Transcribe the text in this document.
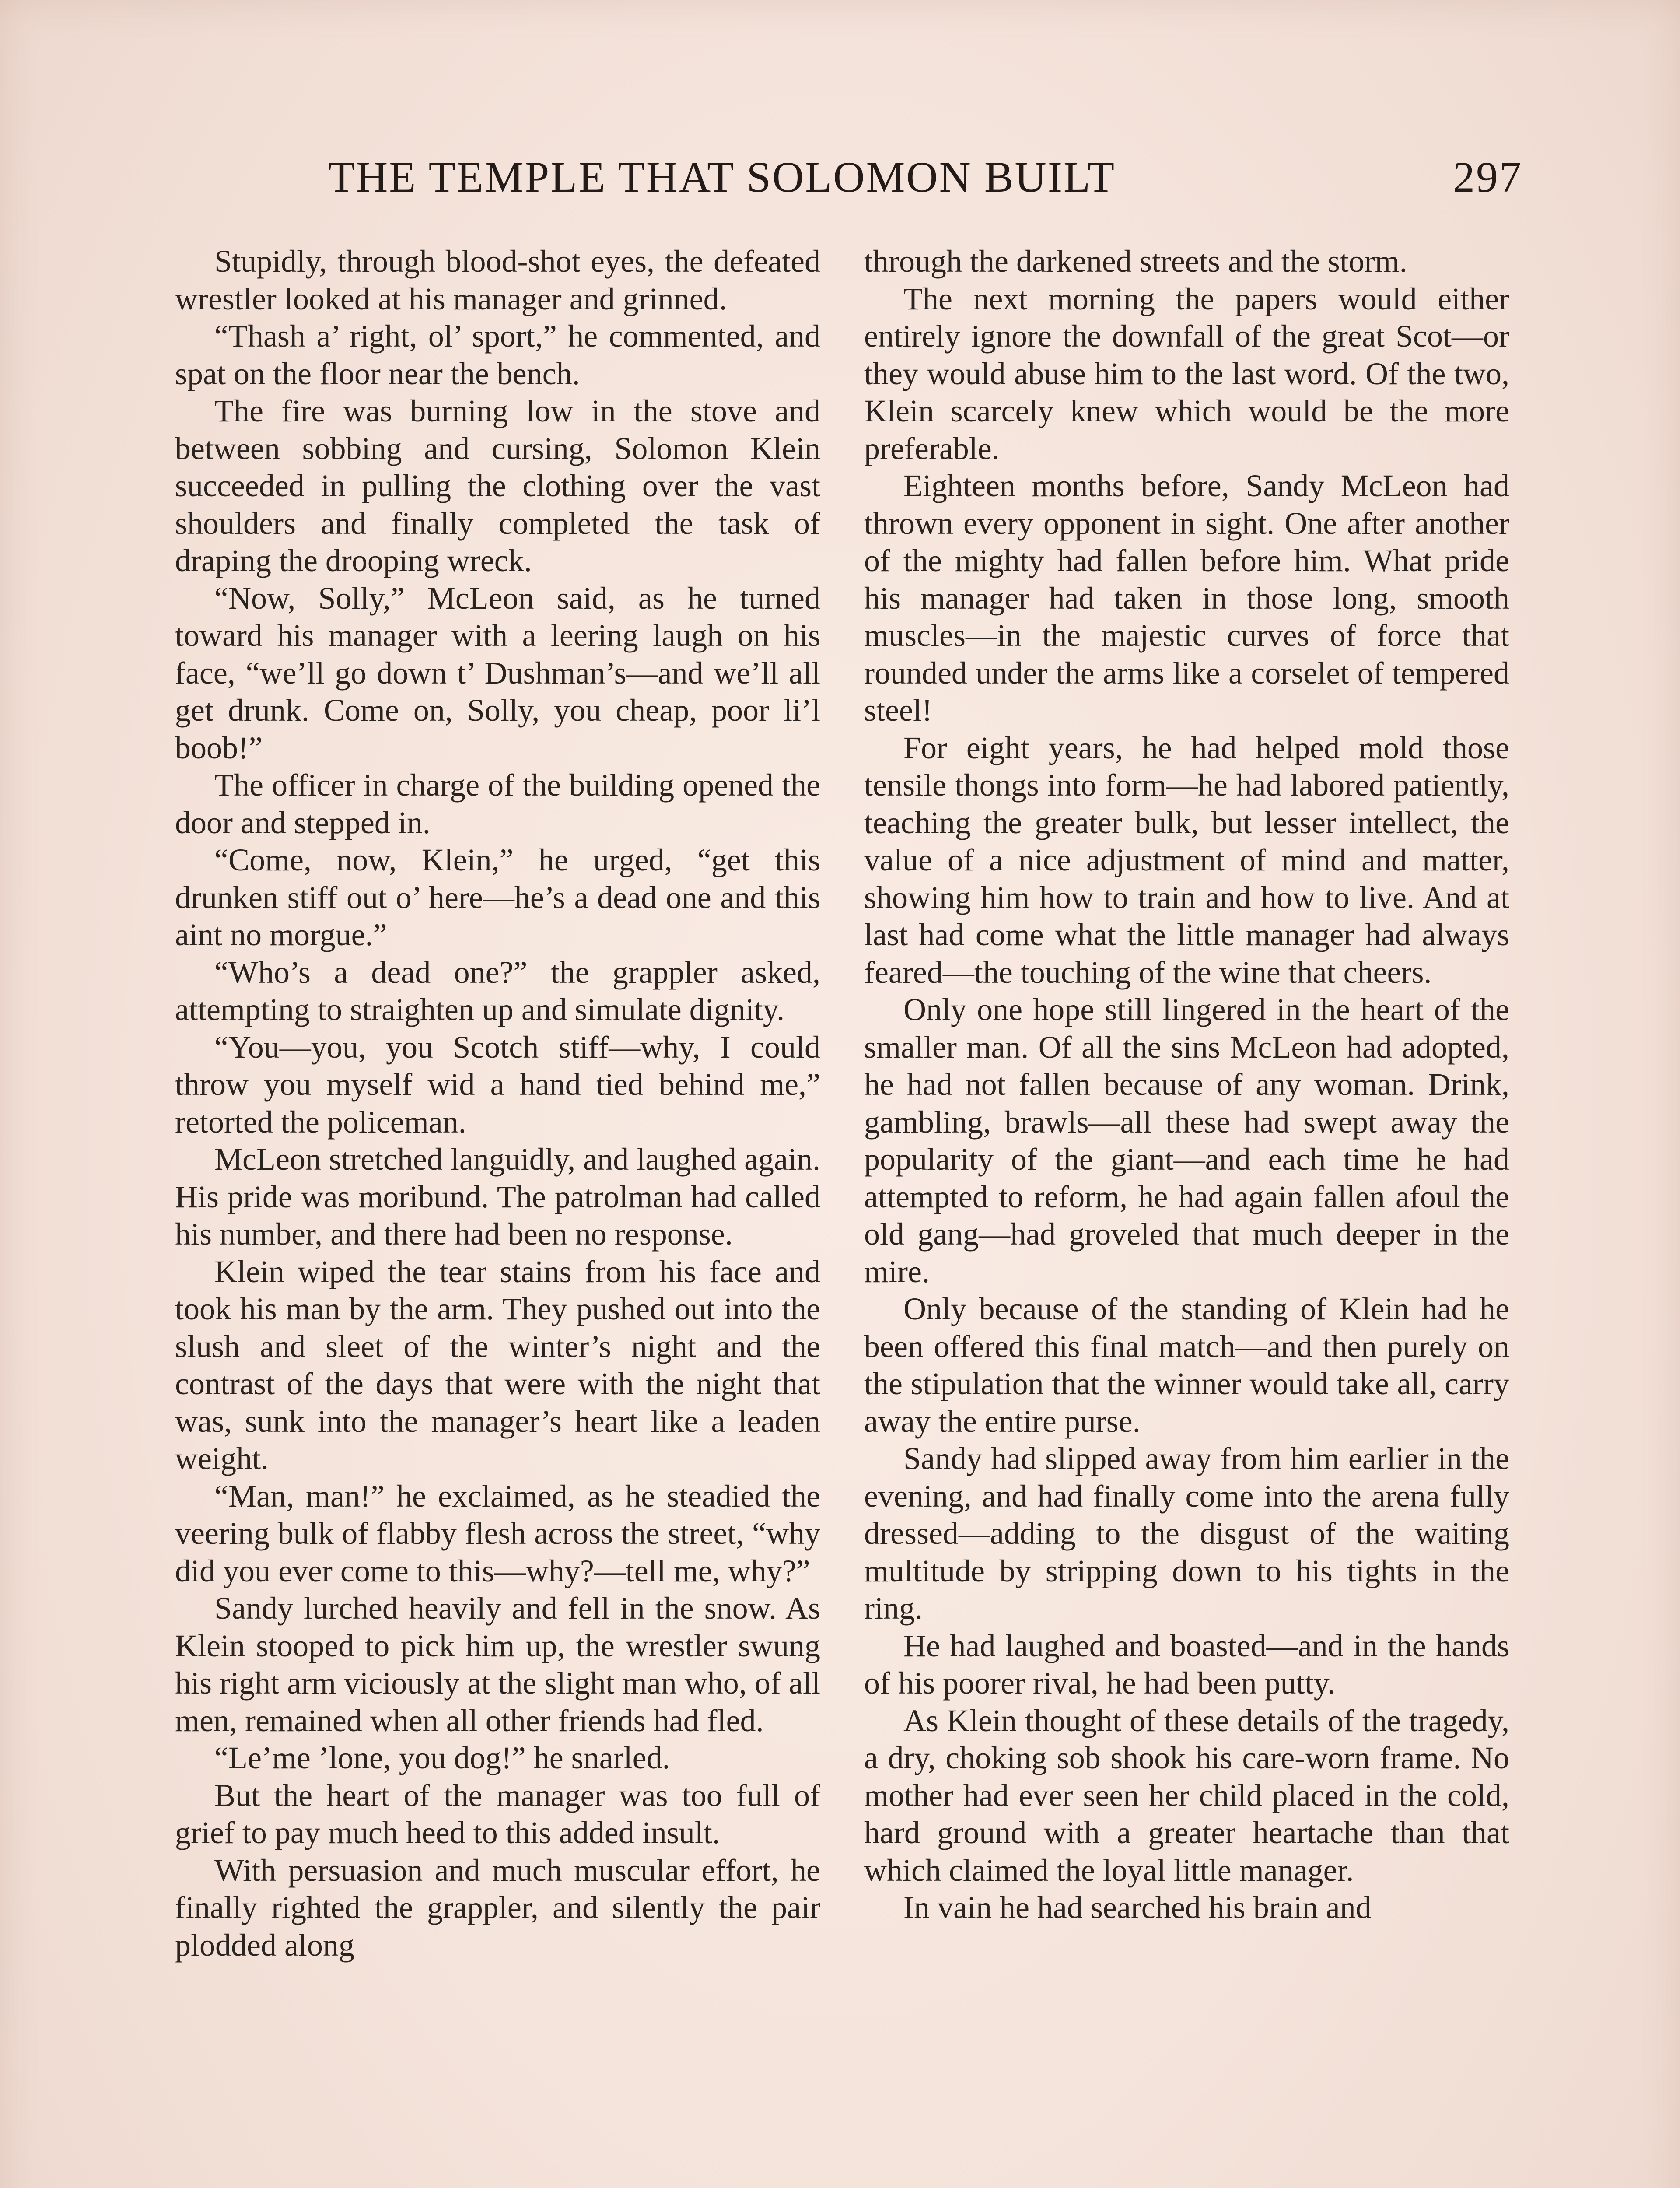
THE TEMPLE THAT SOLOMON BUILT	297

Stupidly, through blood-shot eyes, the defeated wrestler looked at his manager and grinned.

“Thash a’ right, ol’ sport,” he commented, and spat on the floor near the bench.

The fire was burning low in the stove and between sobbing and cursing, Solomon Klein succeeded in pulling the clothing over the vast shoulders and finally completed the task of draping the drooping wreck.

“Now, Solly,” McLeon said, as he turned toward his manager with a leering laugh on his face, “we’ll go down t’ Dushman’s—and we’ll all get drunk. Come on, Solly, you cheap, poor li’l boob!”

The officer in charge of the building opened the door and stepped in.

“Come, now, Klein,” he urged, “get this drunken stiff out o’ here—he’s a dead one and this aint no morgue.”

“Who’s a dead one?” the grappler asked, attempting to straighten up and simulate dignity.

“You—you, you Scotch stiff—why, I could throw you myself wid a hand tied behind me,” retorted the policeman.

McLeon stretched languidly, and laughed again. His pride was moribund. The patrolman had called his number, and there had been no response.

Klein wiped the tear stains from his face and took his man by the arm. They pushed out into the slush and sleet of the winter’s night and the contrast of the days that were with the night that was, sunk into the manager’s heart like a leaden weight.

“Man, man!” he exclaimed, as he steadied the veering bulk of flabby flesh across the street, “why did you ever come to this—why?—tell me, why?”

Sandy lurched heavily and fell in the snow. As Klein stooped to pick him up, the wrestler swung his right arm viciously at the slight man who, of all men, remained when all other friends had fled.

“Le’me ’lone, you dog!” he snarled.

But the heart of the manager was too full of grief to pay much heed to this added insult.

With persuasion and much muscular effort, he finally righted the grappler, and silently the pair plodded along

through the darkened streets and the storm.

The next morning the papers would either entirely ignore the downfall of the great Scot—or they would abuse him to the last word. Of the two, Klein scarcely knew which would be the more preferable.

Eighteen months before, Sandy McLeon had thrown every opponent in sight. One after another of the mighty had fallen before him. What pride his manager had taken in those long, smooth muscles—in the majestic curves of force that rounded under the arms like a corselet of tempered steel!

For eight years, he had helped mold those tensile thongs into form—he had labored patiently, teaching the greater bulk, but lesser intellect, the value of a nice adjustment of mind and matter, showing him how to train and how to live. And at last had come what the little manager had always feared—the touching of the wine that cheers.

Only one hope still lingered in the heart of the smaller man. Of all the sins McLeon had adopted, he had not fallen because of any woman. Drink, gambling, brawls—all these had swept away the popularity of the giant—and each time he had attempted to reform, he had again fallen afoul the old gang—had groveled that much deeper in the mire.

Only because of the standing of Klein had he been offered this final match—and then purely on the stipulation that the winner would take all, carry away the entire purse.

Sandy had slipped away from him earlier in the evening, and had finally come into the arena fully dressed—adding to the disgust of the waiting multitude by stripping down to his tights in the ring.

He had laughed and boasted—and in the hands of his poorer rival, he had been putty.

As Klein thought of these details of the tragedy, a dry, choking sob shook his care-worn frame. No mother had ever seen her child placed in the cold, hard ground with a greater heartache than that which claimed the loyal little manager.

In vain he had searched his brain and
